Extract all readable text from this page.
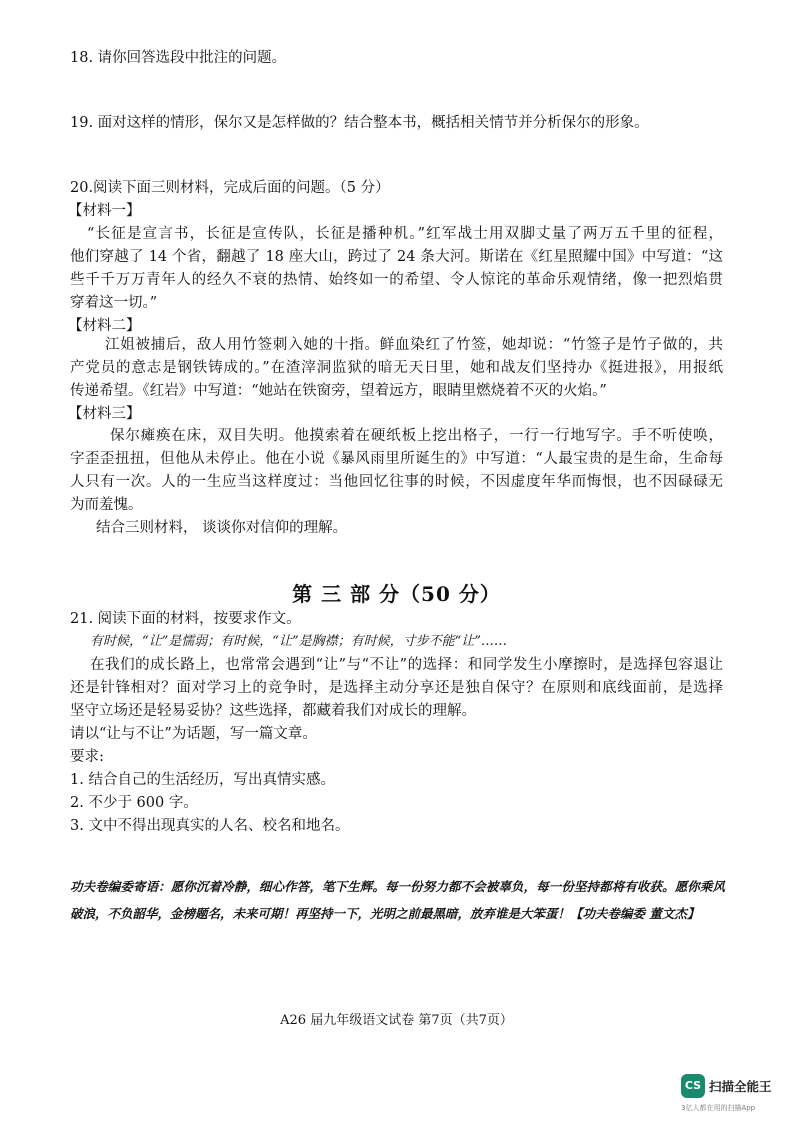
18. 请你回答选段中批注的问题。
19. 面对这样的情形，保尔又是怎样做的？结合整本书，概括相关情节并分析保尔的形象。
20.阅读下面三则材料，完成后面的问题。（5 分）
【材料一】
“长征是宣言书，长征是宣传队，长征是播种机。”红军战士用双脚丈量了两万五千里的征程，
他们穿越了 14 个省，翻越了 18 座大山，跨过了 24 条大河。斯诺在《红星照耀中国》中写道：“这
些千千万万青年人的经久不衰的热情、始终如一的希望、令人惊诧的革命乐观情绪，像一把烈焰贯
穿着这一切。”
【材料二】
江姐被捕后，敌人用竹签刺入她的十指。鲜血染红了竹签，她却说：“竹签子是竹子做的，共
产党员的意志是钢铁铸成的。”在渣滓洞监狱的暗无天日里，她和战友们坚持办《挺进报》，用报纸
传递希望。《红岩》中写道：“她站在铁窗旁，望着远方，眼睛里燃烧着不灭的火焰。”
【材料三】
保尔瘫痪在床，双目失明。他摸索着在硬纸板上挖出格子，一行一行地写字。手不听使唤，
字歪歪扭扭，但他从未停止。他在小说《暴风雨里所诞生的》中写道：“人最宝贵的是生命，生命每
人只有一次。人的一生应当这样度过：当他回忆往事的时候，不因虚度年华而悔恨，也不因碌碌无
为而羞愧。
结合三则材料， 谈谈你对信仰的理解。
第 三 部 分（50 分）
21. 阅读下面的材料，按要求作文。
有时候，“让”是懦弱；有时候，“让”是胸襟；有时候，寸步不能“让”……
在我们的成长路上，也常常会遇到“让”与“不让”的选择：和同学发生小摩擦时，是选择包容退让
还是针锋相对？面对学习上的竞争时，是选择主动分享还是独自保守？在原则和底线面前，是选择
坚守立场还是轻易妥协？这些选择，都藏着我们对成长的理解。
请以“让与不让”为话题，写一篇文章。
要求:
1. 结合自己的生活经历，写出真情实感。
2. 不少于 600 字。
3. 文中不得出现真实的人名、校名和地名。
功夫卷编委寄语：愿你沉着冷静，细心作答，笔下生辉。每一份努力都不会被辜负，每一份坚持都将有收获。愿你乘风破浪，不负韶华，金榜题名，未来可期！再坚持一下，光明之前最黑暗，放弃谁是大笨蛋！【功夫卷编委 董文杰】
A26 届九年级语文试卷 第7页（共7页）
CS 扫描全能王
3亿人都在用的扫描App
